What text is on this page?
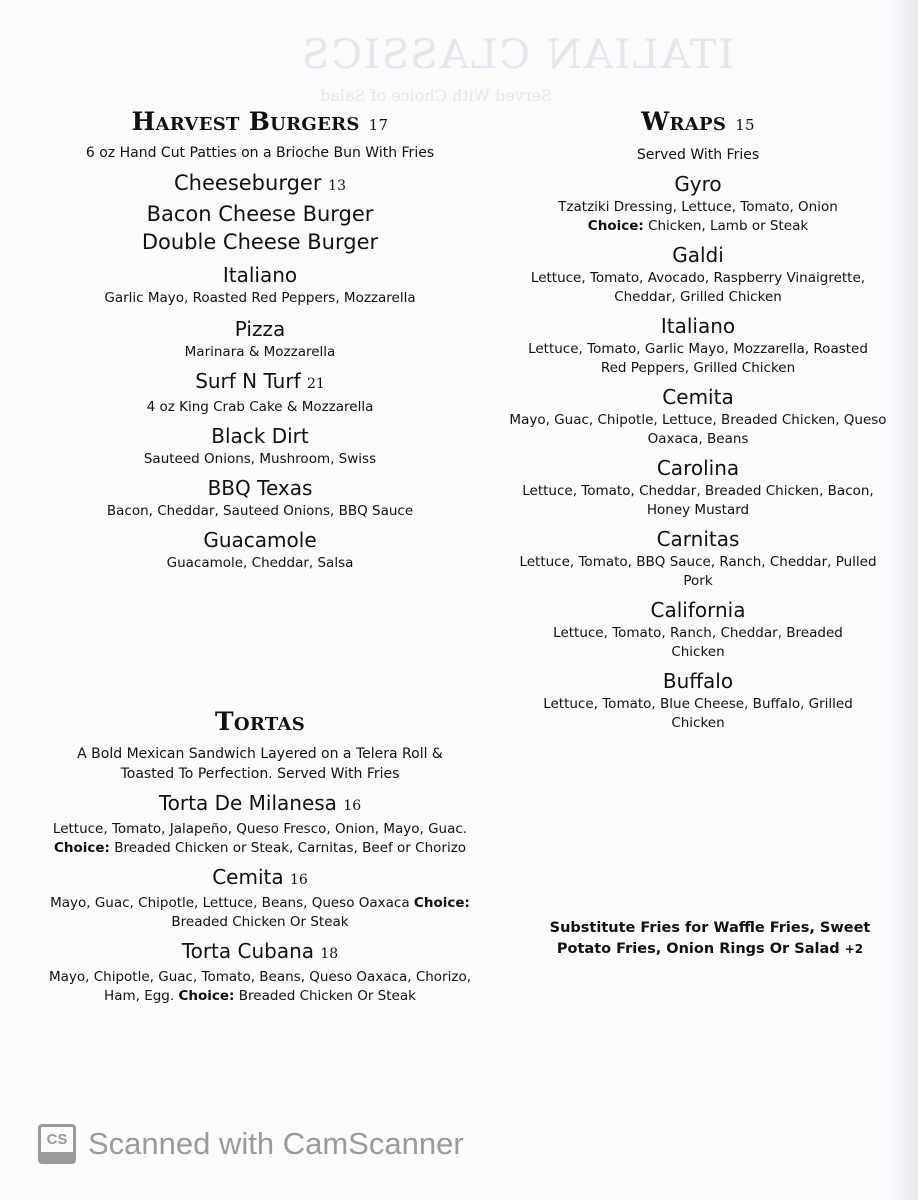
ITALIAN CLASSICS
Served With Choice of Salad
Harvest Burgers 17
6 oz Hand Cut Patties on a Brioche Bun With Fries
Cheeseburger 13
Bacon Cheese Burger
Double Cheese Burger
Italiano
Garlic Mayo, Roasted Red Peppers, Mozzarella
Pizza
Marinara & Mozzarella
Surf N Turf 21
4 oz King Crab Cake & Mozzarella
Black Dirt
Sauteed Onions, Mushroom, Swiss
BBQ Texas
Bacon, Cheddar, Sauteed Onions, BBQ Sauce
Guacamole
Guacamole, Cheddar, Salsa
Tortas
A Bold Mexican Sandwich Layered on a Telera Roll & Toasted To Perfection. Served With Fries
Torta De Milanesa 16
Lettuce, Tomato, Jalapeño, Queso Fresco, Onion, Mayo, Guac. Choice: Breaded Chicken or Steak, Carnitas, Beef or Chorizo
Cemita 16
Mayo, Guac, Chipotle, Lettuce, Beans, Queso Oaxaca Choice: Breaded Chicken Or Steak
Torta Cubana 18
Mayo, Chipotle, Guac, Tomato, Beans, Queso Oaxaca, Chorizo, Ham, Egg. Choice: Breaded Chicken Or Steak
Wraps 15
Served With Fries
Gyro
Tzatziki Dressing, Lettuce, Tomato, Onion
Choice: Chicken, Lamb or Steak
Galdi
Lettuce, Tomato, Avocado, Raspberry Vinaigrette, Cheddar, Grilled Chicken
Italiano
Lettuce, Tomato, Garlic Mayo, Mozzarella, Roasted Red Peppers, Grilled Chicken
Cemita
Mayo, Guac, Chipotle, Lettuce, Breaded Chicken, Queso Oaxaca, Beans
Carolina
Lettuce, Tomato, Cheddar, Breaded Chicken, Bacon, Honey Mustard
Carnitas
Lettuce, Tomato, BBQ Sauce, Ranch, Cheddar, Pulled Pork
California
Lettuce, Tomato, Ranch, Cheddar, Breaded Chicken
Buffalo
Lettuce, Tomato, Blue Cheese, Buffalo, Grilled Chicken
Substitute Fries for Waffle Fries, Sweet Potato Fries, Onion Rings Or Salad +2
CS Scanned with CamScanner
